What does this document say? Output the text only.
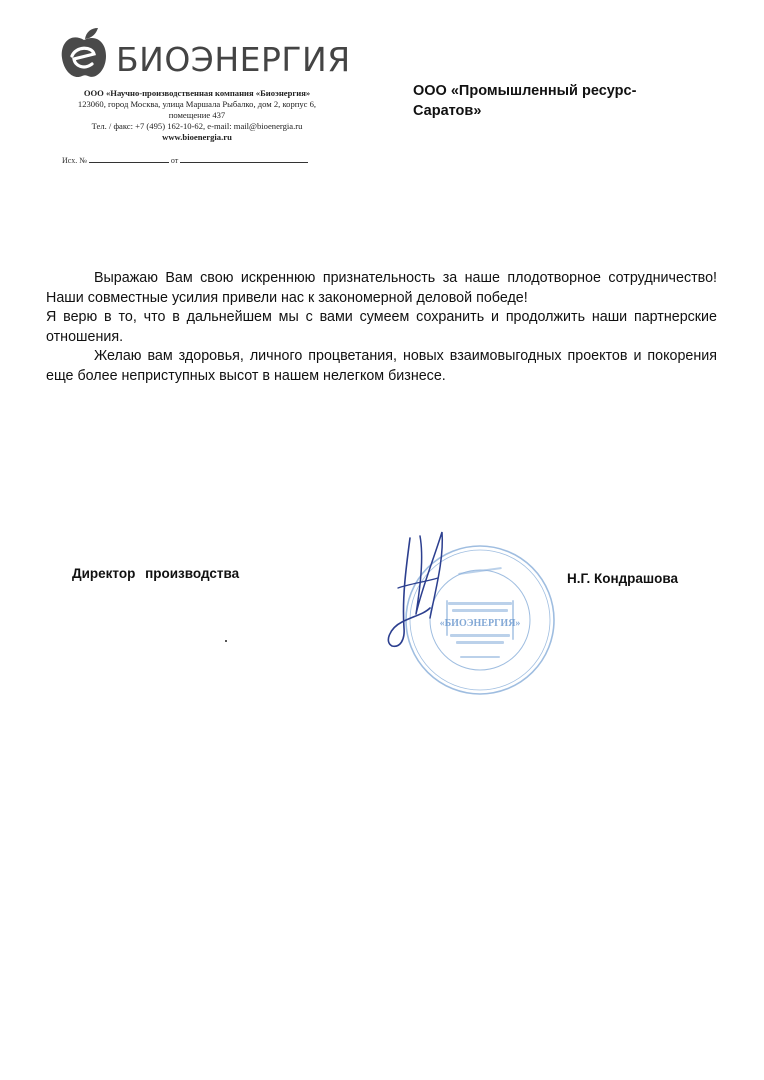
БИОЭНЕРГИЯ
ООО «Научно-производственная компания «Биоэнергия»
123060, город Москва, улица Маршала Рыбалко, дом 2, корпус 6,
помещение 437
Тел. / факс: +7 (495) 162-10-62, e-mail: mail@bioenergia.ru
www.bioenergia.ru
Исх. №	от
ООО «Промышленный ресурс-
Саратов»

Выражаю Вам свою искреннюю признательность за наше плодотворное сотрудничество! Наши совместные усилия привели нас к закономерной деловой победе!

Я верю в то, что в дальнейшем мы с вами сумеем сохранить и продолжить наши партнерские отношения.

Желаю вам здоровья, личного процветания, новых взаимовыгодных проектов и покорения еще более неприступных высот в нашем нелегком бизнесе.

Директор производства
«БИОЭНЕРГИЯ»
Н.Г. Кондрашова
